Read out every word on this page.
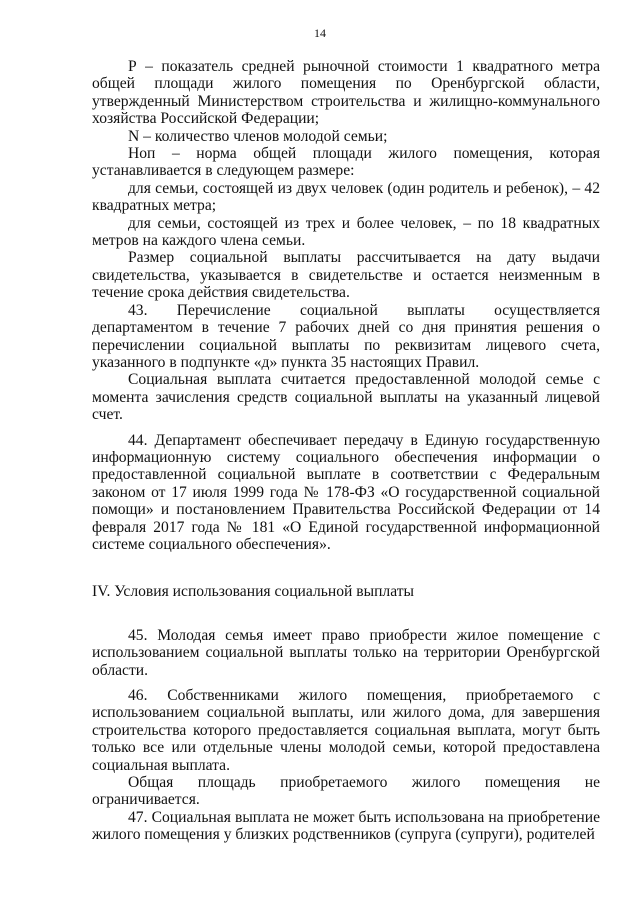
14

Р – показатель средней рыночной стоимости 1 квадратного метра общей площади жилого помещения по Оренбургской области, утвержденный Министерством строительства и жилищно-коммунального хозяйства Российской Федерации;

N – количество членов молодой семьи;

Ноп – норма общей площади жилого помещения, которая устанавливается в следующем размере:

для семьи, состоящей из двух человек (один родитель и ребенок), – 42 квадратных метра;

для семьи, состоящей из трех и более человек, – по 18 квадратных метров на каждого члена семьи.

Размер социальной выплаты рассчитывается на дату выдачи свидетельства, указывается в свидетельстве и остается неизменным в течение срока действия свидетельства.

43. Перечисление социальной выплаты осуществляется департаментом в течение 7 рабочих дней со дня принятия решения о перечислении социальной выплаты по реквизитам лицевого счета, указанного в подпункте «д» пункта 35 настоящих Правил.

Социальная выплата считается предоставленной молодой семье с момента зачисления средств социальной выплаты на указанный лицевой счет.

44. Департамент обеспечивает передачу в Единую государственную информационную систему социального обеспечения информации о предоставленной социальной выплате в соответствии с Федеральным законом от 17 июля 1999 года № 178-ФЗ «О государственной социальной помощи» и постановлением Правительства Российской Федерации от 14 февраля 2017 года № 181 «О Единой государственной информационной системе социального обеспечения».

IV. Условия использования социальной выплаты

45. Молодая семья имеет право приобрести жилое помещение с использованием социальной выплаты только на территории Оренбургской области.

46. Собственниками жилого помещения, приобретаемого с использованием социальной выплаты, или жилого дома, для завершения строительства которого предоставляется социальная выплата, могут быть только все или отдельные члены молодой семьи, которой предоставлена социальная выплата.

Общая площадь приобретаемого жилого помещения не ограничивается.

47. Социальная выплата не может быть использована на приобретение жилого помещения у близких родственников (супруга (супруги), родителей
